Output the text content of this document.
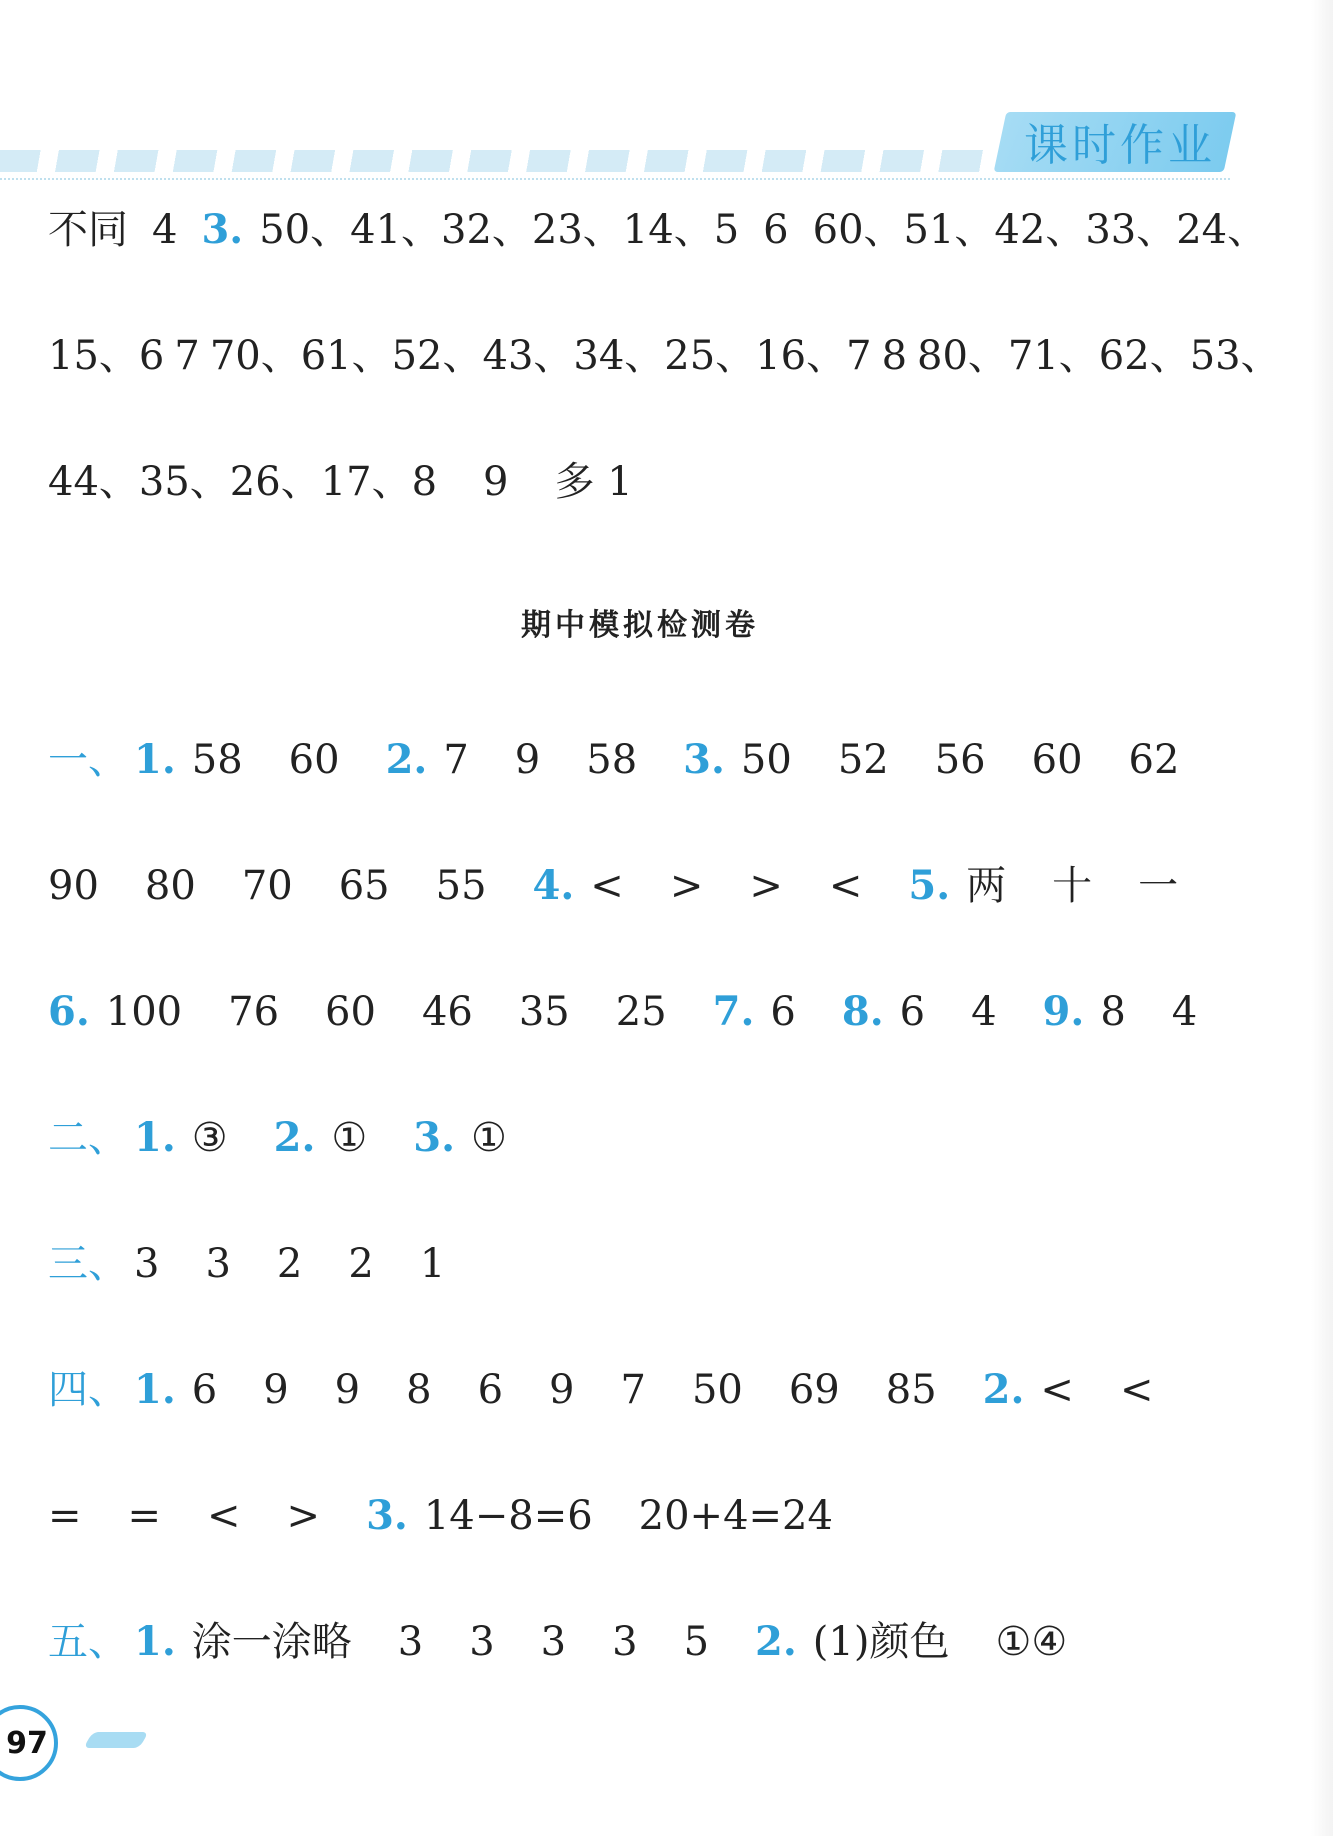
课时作业
不同 4 3. 50、41、32、23、14、5 6 60、51、42、33、24、
15、6 7 70、61、52、43、34、25、16、7 8 80、71、62、53、
44、35、26、17、8 9 多 1
期中模拟检测卷
一、 1. 58 60 2. 7 9 58 3. 50 52 56 60 62
90 80 70 65 55 4. < > > < 5. 两 十 一
6. 100 76 60 46 35 25 7. 6 8. 6 4 9. 8 4
二、 1. ③ 2. ① 3. ①
三、 3 3 2 2 1
四、 1. 6 9 9 8 6 9 7 50 69 85 2. < <
= = < > 3. 14−8=6 20+4=24
五、 1. 涂一涂略 3 3 3 3 5 2. (1)颜色 ①④
97
